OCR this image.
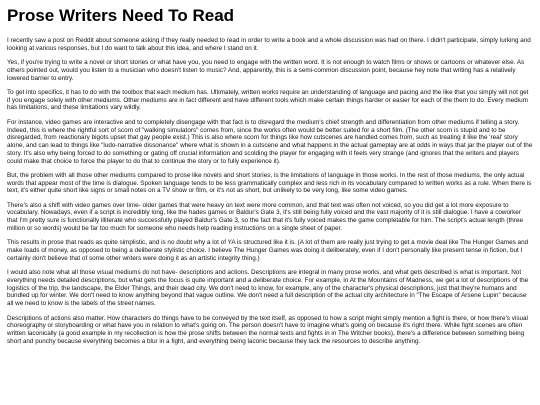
Prose Writers Need To Read

I recently saw a post on Reddit about someone asking if they really needed to read in order to write a book and a whole discussion was had on there. I didn't participate, simply lurking and looking at various responses, but I do want to talk about this idea, and where I stand on it.

Yes, if you're trying to write a novel or short stories or what have you, you need to engage with the written word. It is not enough to watch films or shows or cartoons or whatever else. As others pointed out, would you listen to a musician who doesn't listen to music? And, apparently, this is a semi-common discussion point, because hey note that writing has a relatively lowered barrier to entry.

To get into specifics, it has to do with the toolbox that each medium has. Ultimately, written works require an understanding of language and pacing and the like that you simply will not get if you engage solely with other mediums. Other mediums are in fact different and have different tools which make certain things harder or easier for each of the them to do. Every medium has limitations, and these limitations vary wildly.

For instance, video games are interactive and to completely disengage with that fact is to disregard the medium's chief strength and differentiation from other mediums if telling a story. Indeed, this is where the rightful sort of scorn of "walking simulators" comes from, since the works often would be better suited for a short film. (The other scorn is stupid and to be disregarded, from reactionary bigots upset that gay people exist.) This is also where scorn for things like how cutscenes are handled comes from, such as treating it like the 'real' story alone, and can lead to things like "ludo-narrative dissonance" where what is shown in a cutscene and what happens in the actual gameplay are at odds in ways that jar the player out of the story. It's also why being forced to do something or gating off crucial information and scolding the player for engaging with it feels very strange (and ignores that the writers and players could make that choice to force the player to do that to continue the story or to fully experience it).

But, the problem with all those other mediums compared to prose like novels and short stories, is the limitations of language in those works. In the rest of those mediums, the only actual words that appear most of the time is dialogue. Spoken language tends to be less grammatically complex and less rich in its vocabulary compared to written works as a rule. When there is text, it's either quite short like signs or small notes on a TV show or film, or it's not as short, but unlikely to be very long, like some video games.

There's also a shift with video games over time- older games that were heavy on text were more common, and that text was often not voiced, so you did get a lot more exposure to vocabulary. Nowadays, even if a script is incredibly long, like the hades games or Baldur's Gate 3, it's still being fully voiced and the vast majority of it is still dialogue. I have a coworker that I'm pretty sure is functionally illiterate who successfully played Baldur's Gate 3, so the fact that it's fully voiced makes the game completable for him. The script's actual length (three million or so words) would be far too much for someone who needs help reading instructions on a single sheet of paper.

This results in prose that reads as quite simplistic, and is no doubt why a lot of YA is structured like it is. (A lot of them are really just trying to get a movie deal like The Hunger Games and make loads of money, as opposed to being a deliberate stylistic choice. I believe The Hunger Games was doing it deliberately, even if I don't personally like present tense in fiction, but I certainly don't believe that of some other writers were doing it as an artistic integrity thing.)

I would also note what all those visual mediums do not have- descriptions and actions. Descriptions are integral in many prose works, and what gets described is what is important. Not everything needs detailed descriptions, but what gets the focus is quite important and a deliberate choice. For example, in At the Mountains of Madness, we get a lot of descriptions of the logistics of the trip, the landscape, the Elder Things, and their dead city. We don't need to know, for example, any of the character's physical descriptions, just that they're humans and bundled up for winter. We don't need to know anything beyond that vague outline. We don't need a full description of the actual city architecture in "The Escape of Arsene Lupin" because all we need to know is the labels of the street names.

Descriptions of actions also matter. How characters do things have to be conveyed by the text itself, as opposed to how a script might simply mention a fight is there, or how there's visual choreography or storyboarding or what have you in relation to what's going on. The person doesn't have to imagine what's going on because it's right there. While fight scenes are often written laconically (a good example in my recollection is how the prose shifts between the normal texts and fights in in The Witcher books), there's a difference between something being short and punchy because everything becomes a blur in a fight, and everything being laconic because they lack the resources to describe anything.
